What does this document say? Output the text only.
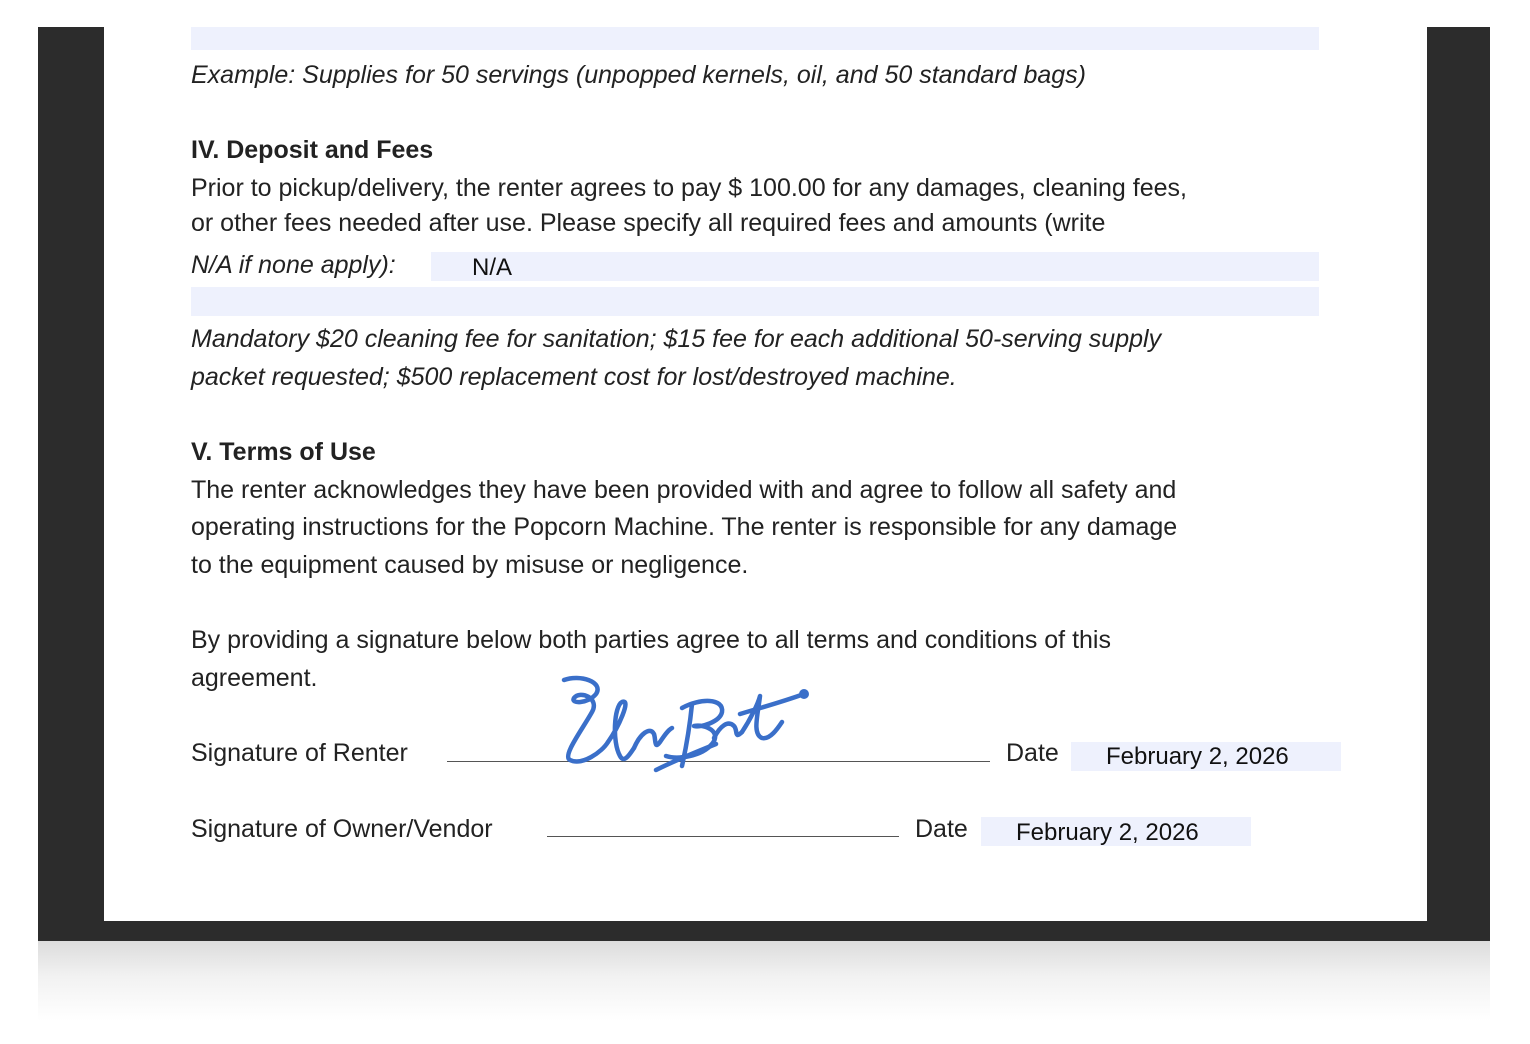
Example: Supplies for 50 servings (unpopped kernels, oil, and 50 standard bags)

IV. Deposit and Fees

Prior to pickup/delivery, the renter agrees to pay $ 100.00 for any damages, cleaning fees,

or other fees needed after use. Please specify all required fees and amounts (write

N/A if none apply):	N/A

Mandatory $20 cleaning fee for sanitation; $15 fee for each additional 50-serving supply

packet requested; $500 replacement cost for lost/destroyed machine.

V. Terms of Use

The renter acknowledges they have been provided with and agree to follow all safety and

operating instructions for the Popcorn Machine. The renter is responsible for any damage

to the equipment caused by misuse or negligence.

By providing a signature below both parties agree to all terms and conditions of this

agreement.

Signature of Renter	Date February 2, 2026

Signature of Owner/Vendor	Date February 2, 2026
